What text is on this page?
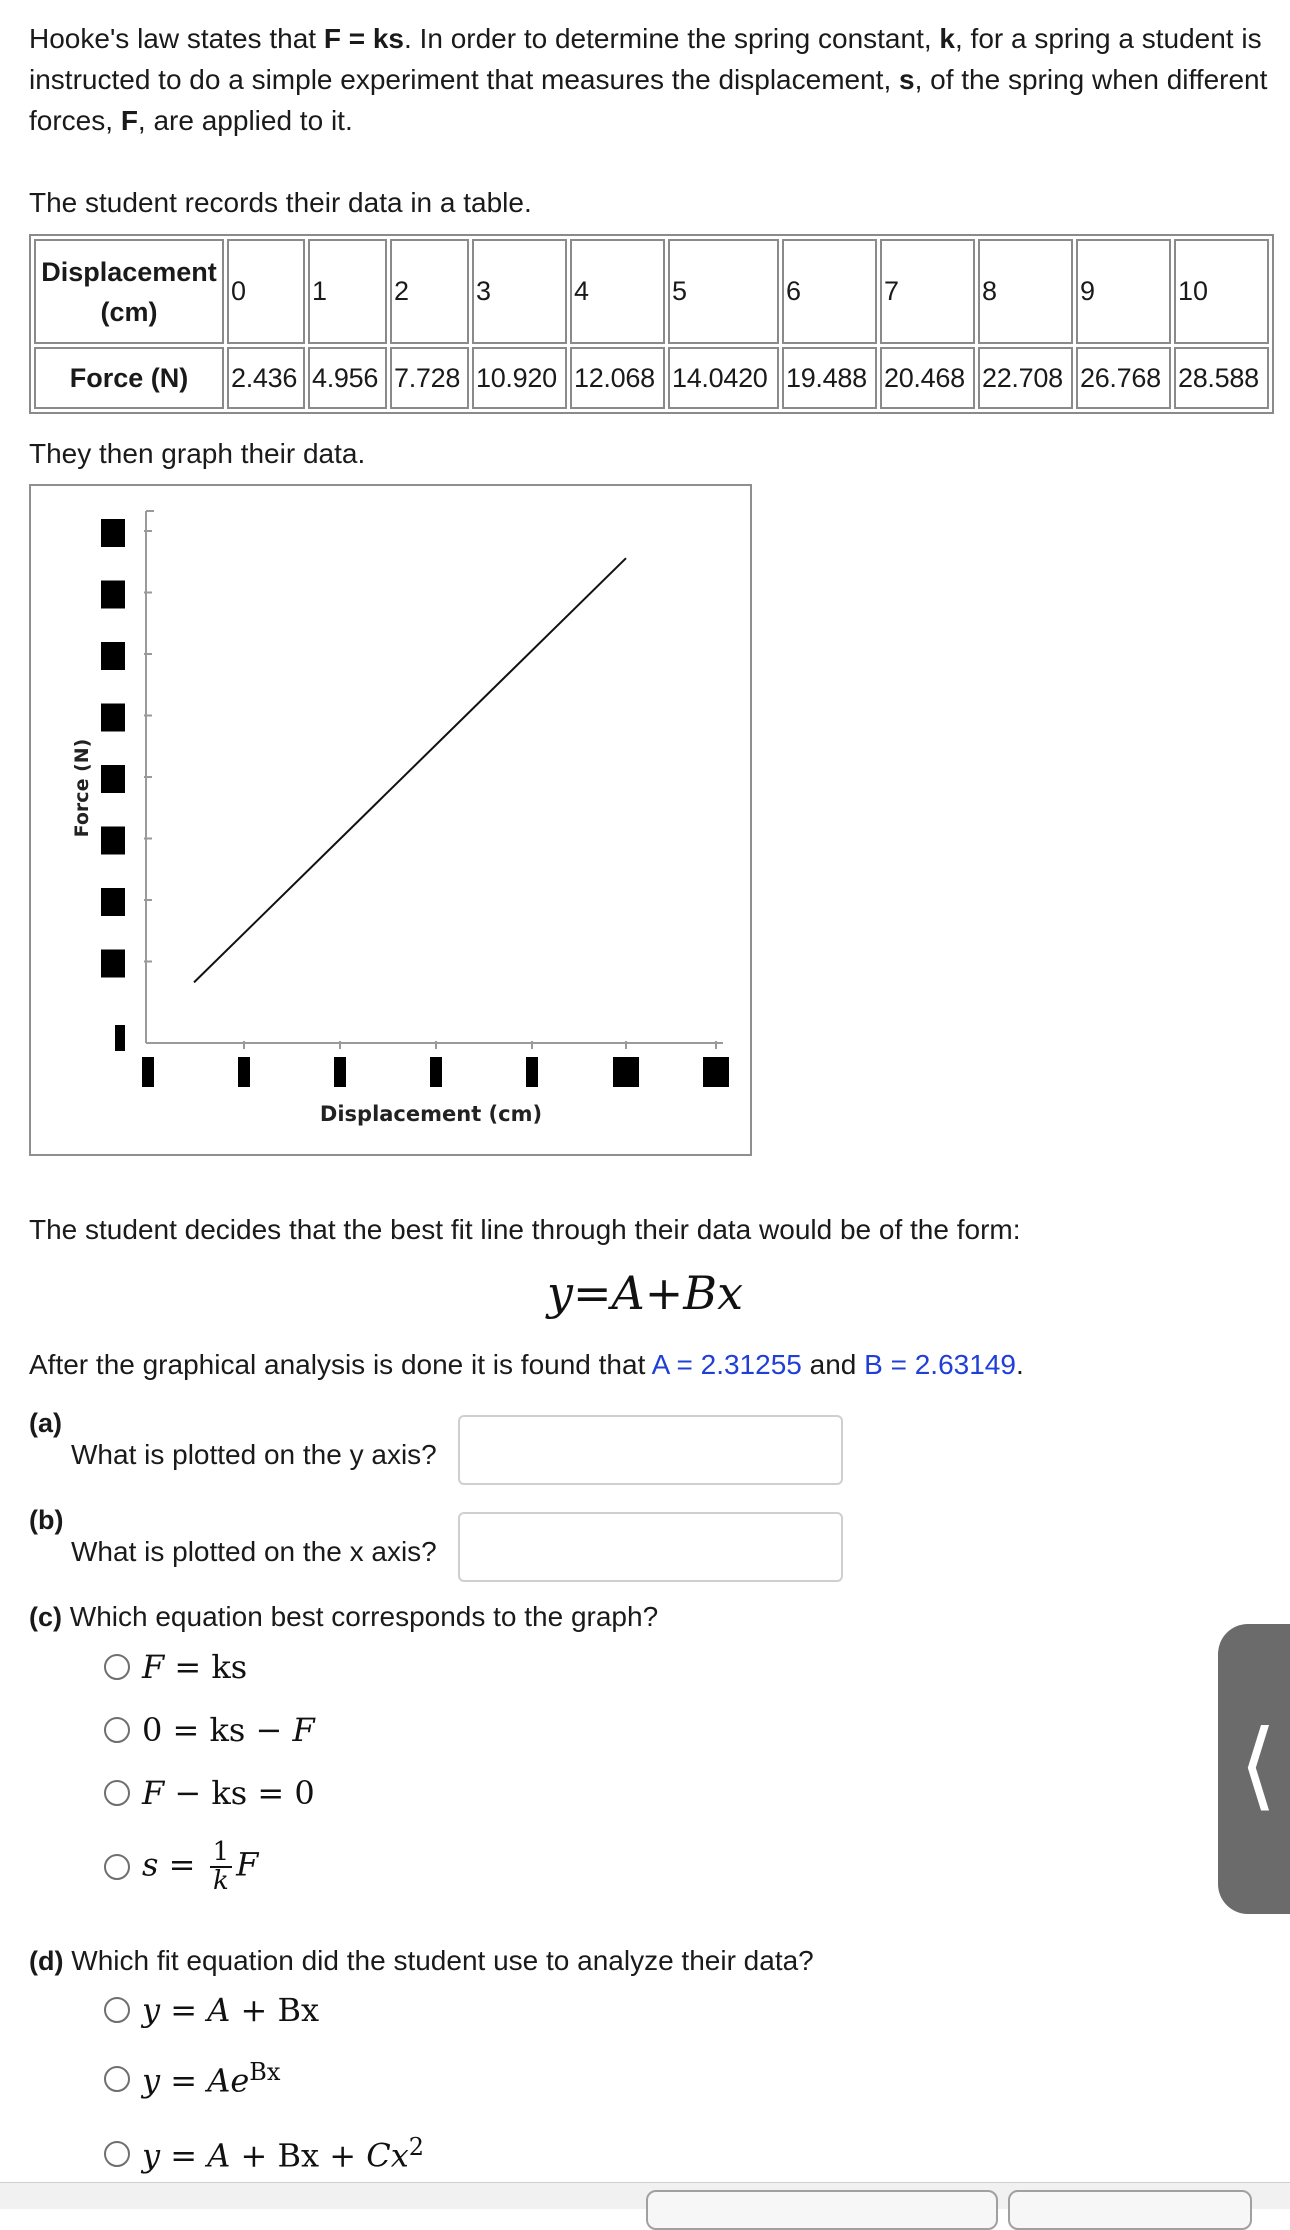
Hooke's law states that F = ks. In order to determine the spring constant, k, for a spring a student is instructed to do a simple experiment that measures the displacement, s, of the spring when different forces, F, are applied to it.

The student records their data in a table.

Displacement (cm)	0	1	2	3	4	5	6	7	8	9	10
Force (N)	2.436	4.956	7.728	10.920	12.068	14.0420	19.488	20.468	22.708	26.768	28.588

They then graph their data.

Displacement (cm)
Force (N)

The student decides that the best fit line through their data would be of the form:

y=A+Bx

After the graphical analysis is done it is found that A = 2.31255 and B = 2.63149.

(a)
What is plotted on the y axis?
(b)
What is plotted on the x axis?

(c) Which equation best corresponds to the graph?

F = ks
0 = ks − F
F − ks = 0
$s = \frac{1}{k}$ F

(d) Which fit equation did the student use to analyze their data?

y = A + Bx
$y = Ae^{Bx}$
$y = A + Bx + Cx^2$
⟨
